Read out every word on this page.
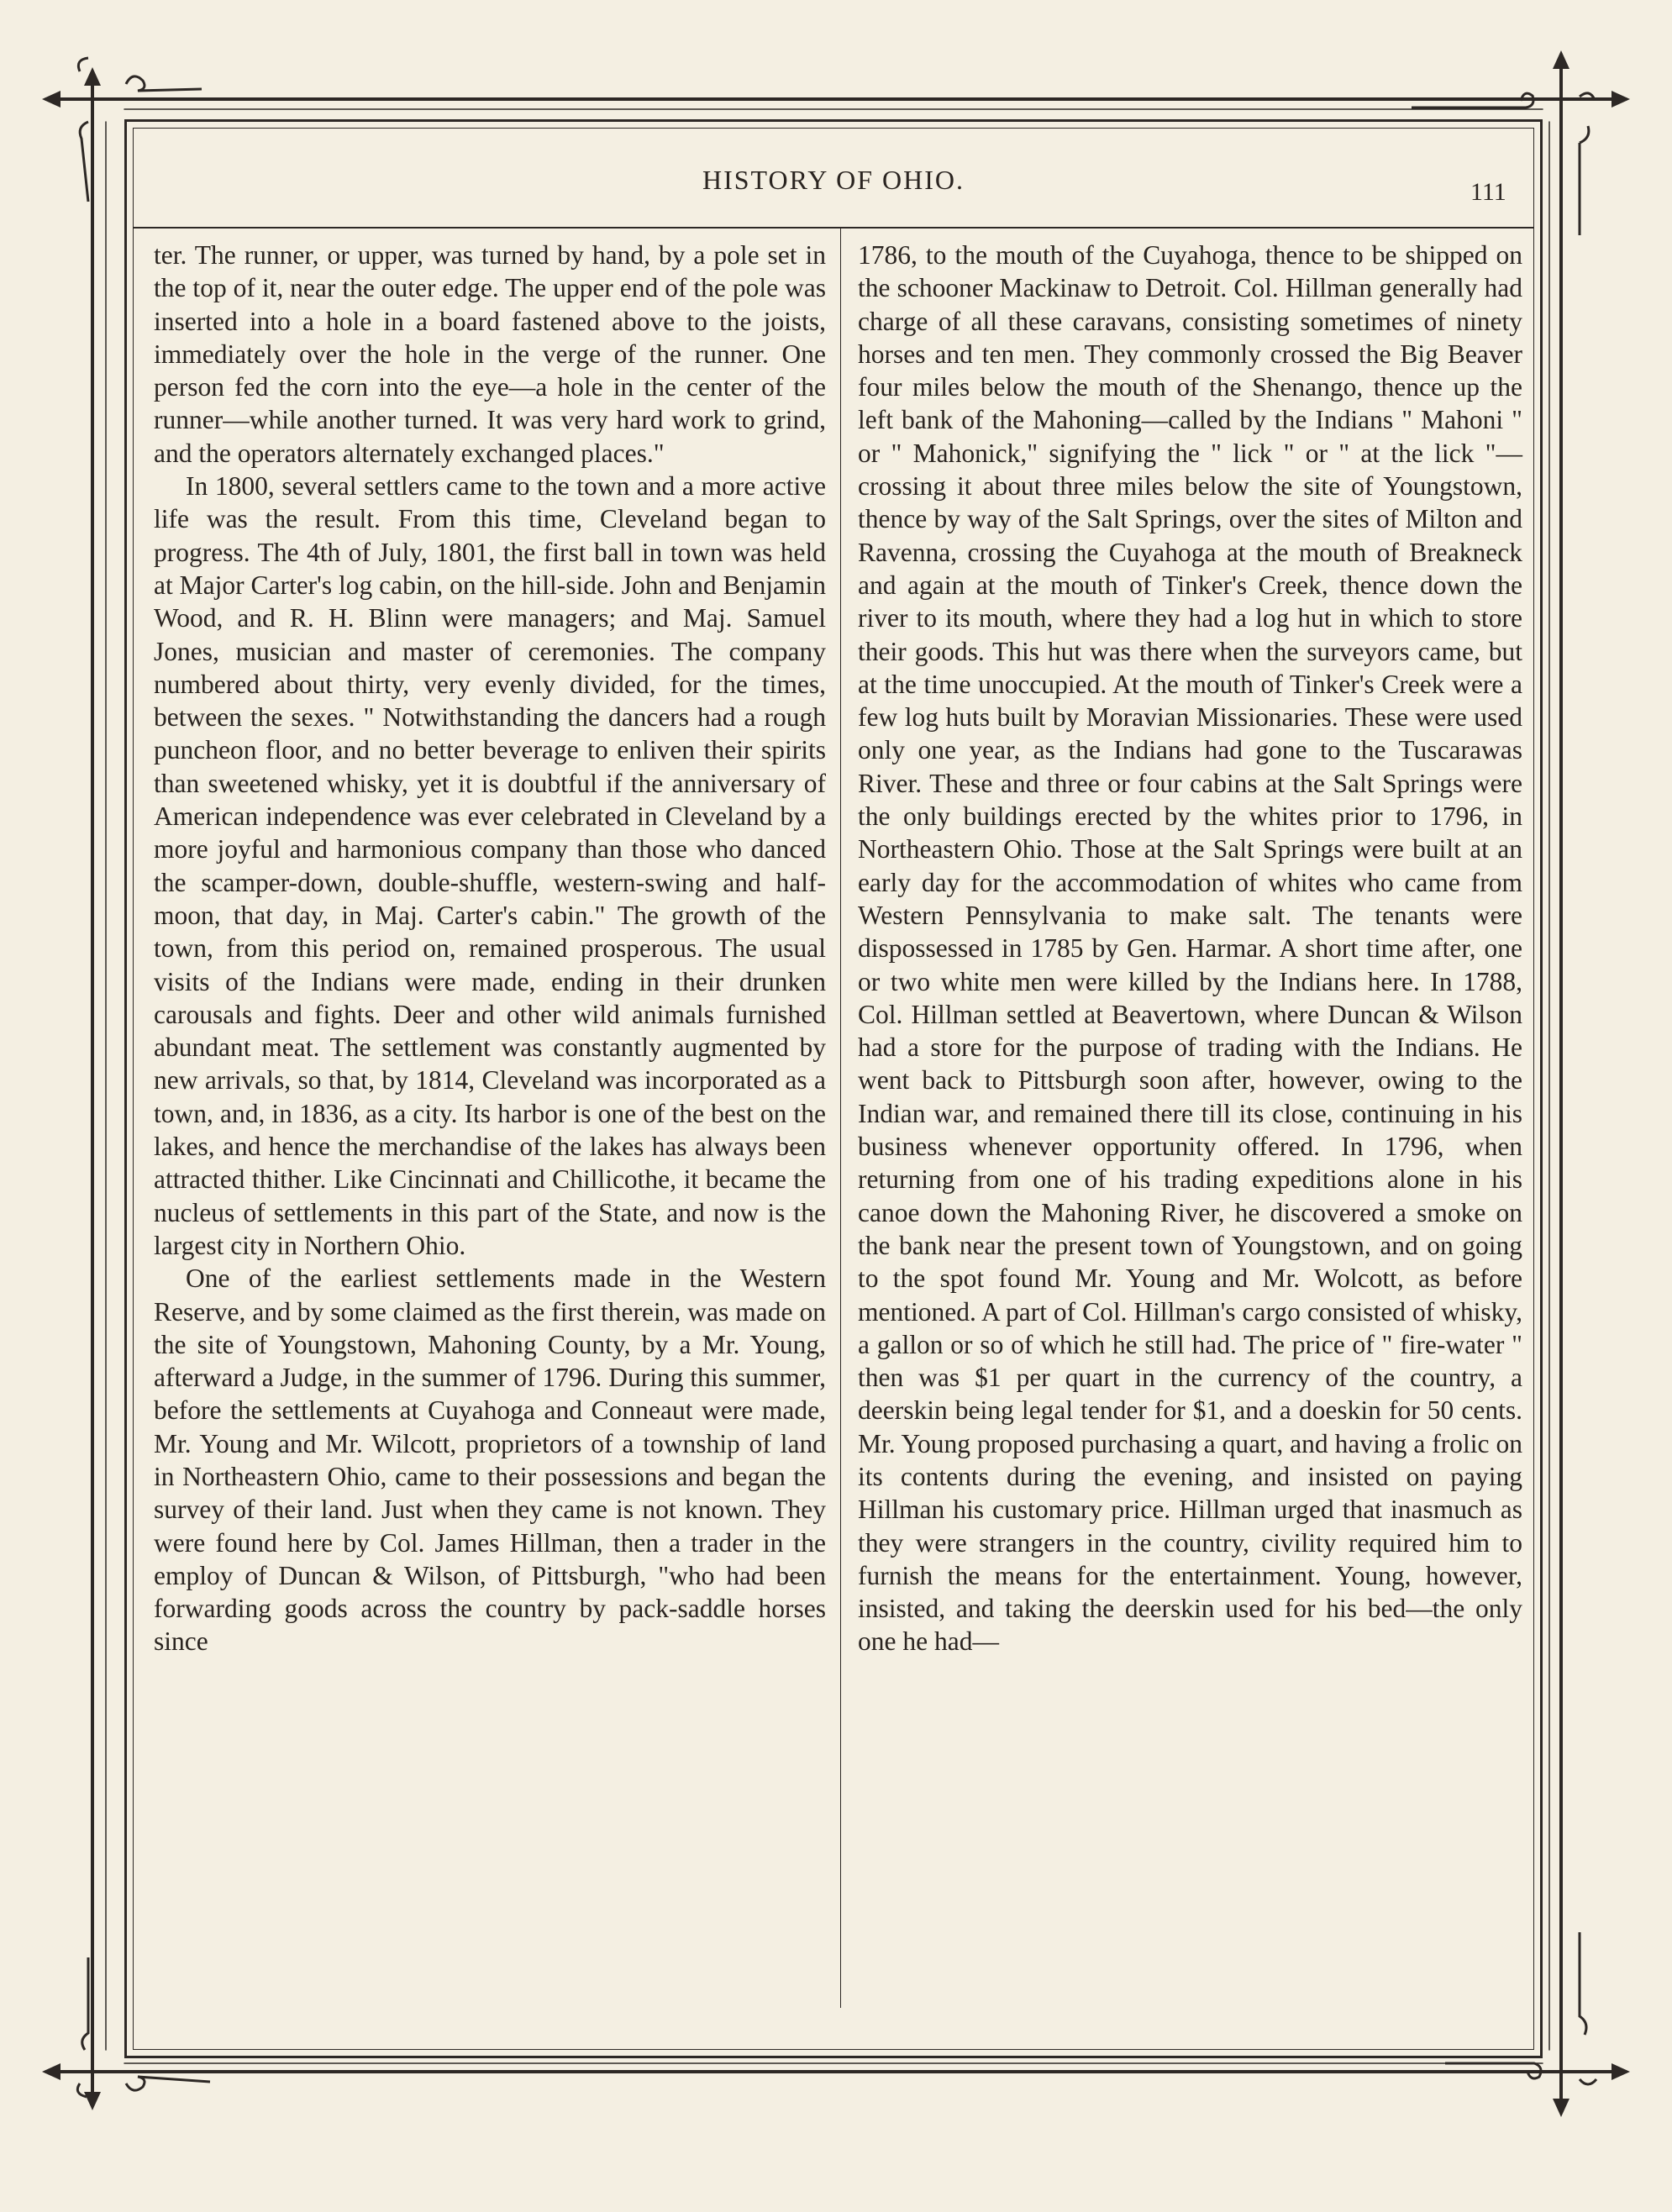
HISTORY OF OHIO.	111

ter. The runner, or upper, was turned by hand, by a pole set in the top of it, near the outer edge. The upper end of the pole was inserted into a hole in a board fastened above to the joists, immediately over the hole in the verge of the runner. One person fed the corn into the eye—a hole in the center of the runner—while another turned. It was very hard work to grind, and the operators alternately exchanged places."

In 1800, several settlers came to the town and a more active life was the result. From this time, Cleveland began to progress. The 4th of July, 1801, the first ball in town was held at Major Carter's log cabin, on the hill-side. John and Benjamin Wood, and R. H. Blinn were managers; and Maj. Samuel Jones, musician and master of ceremonies. The company numbered about thirty, very evenly divided, for the times, between the sexes. " Notwithstanding the dancers had a rough puncheon floor, and no better beverage to enliven their spirits than sweetened whisky, yet it is doubtful if the anniversary of American independence was ever celebrated in Cleveland by a more joyful and harmonious company than those who danced the scamper-down, double-shuffle, western-swing and half-moon, that day, in Maj. Carter's cabin." The growth of the town, from this period on, remained prosperous. The usual visits of the Indians were made, ending in their drunken carousals and fights. Deer and other wild animals furnished abundant meat. The settlement was constantly augmented by new arrivals, so that, by 1814, Cleveland was incorporated as a town, and, in 1836, as a city. Its harbor is one of the best on the lakes, and hence the merchandise of the lakes has always been attracted thither. Like Cincinnati and Chillicothe, it became the nucleus of settlements in this part of the State, and now is the largest city in Northern Ohio.

One of the earliest settlements made in the Western Reserve, and by some claimed as the first therein, was made on the site of Youngstown, Mahoning County, by a Mr. Young, afterward a Judge, in the summer of 1796. During this summer, before the settlements at Cuyahoga and Conneaut were made, Mr. Young and Mr. Wilcott, proprietors of a township of land in Northeastern Ohio, came to their possessions and began the survey of their land. Just when they came is not known. They were found here by Col. James Hillman, then a trader in the employ of Duncan & Wilson, of Pittsburgh, "who had been forwarding goods across the country by pack-saddle horses since

1786, to the mouth of the Cuyahoga, thence to be shipped on the schooner Mackinaw to Detroit. Col. Hillman generally had charge of all these caravans, consisting sometimes of ninety horses and ten men. They commonly crossed the Big Beaver four miles below the mouth of the Shenango, thence up the left bank of the Mahoning—called by the Indians " Mahoni " or " Mahonick," signifying the " lick " or " at the lick "—crossing it about three miles below the site of Youngstown, thence by way of the Salt Springs, over the sites of Milton and Ravenna, crossing the Cuyahoga at the mouth of Breakneck and again at the mouth of Tinker's Creek, thence down the river to its mouth, where they had a log hut in which to store their goods. This hut was there when the surveyors came, but at the time unoccupied. At the mouth of Tinker's Creek were a few log huts built by Moravian Missionaries. These were used only one year, as the Indians had gone to the Tuscarawas River. These and three or four cabins at the Salt Springs were the only buildings erected by the whites prior to 1796, in Northeastern Ohio. Those at the Salt Springs were built at an early day for the accommodation of whites who came from Western Pennsylvania to make salt. The tenants were dispossessed in 1785 by Gen. Harmar. A short time after, one or two white men were killed by the Indians here. In 1788, Col. Hillman settled at Beavertown, where Duncan & Wilson had a store for the purpose of trading with the Indians. He went back to Pittsburgh soon after, however, owing to the Indian war, and remained there till its close, continuing in his business whenever opportunity offered. In 1796, when returning from one of his trading expeditions alone in his canoe down the Mahoning River, he discovered a smoke on the bank near the present town of Youngstown, and on going to the spot found Mr. Young and Mr. Wolcott, as before mentioned. A part of Col. Hillman's cargo consisted of whisky, a gallon or so of which he still had. The price of " fire-water " then was $1 per quart in the currency of the country, a deerskin being legal tender for $1, and a doeskin for 50 cents. Mr. Young proposed purchasing a quart, and having a frolic on its contents during the evening, and insisted on paying Hillman his customary price. Hillman urged that inasmuch as they were strangers in the country, civility required him to furnish the means for the entertainment. Young, however, insisted, and taking the deerskin used for his bed—the only one he had—
